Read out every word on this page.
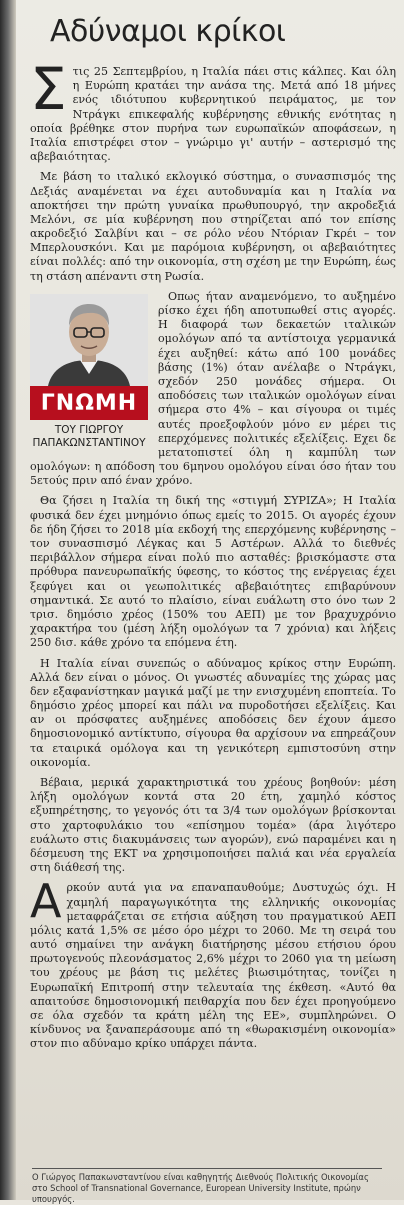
Αδύναμοι κρίκοι

Στις 25 Σεπτεμβρίου, η Ιταλία πάει στις κάλπες. Και όλη η Ευρώπη κρατάει την ανάσα της. Μετά από 18 μήνες ενός ιδιότυπου κυβερνητικού πειράματος, με τον Ντράγκι επικεφαλής κυβέρνησης εθνικής ενότητας η οποία βρέθηκε στον πυρήνα των ευρωπαϊκών αποφάσεων, η Ιταλία επιστρέφει στον – γνώριμο γι' αυτήν – αστερισμό της αβεβαιότητας.

Με βάση το ιταλικό εκλογικό σύστημα, ο συνασπισμός της Δεξιάς αναμένεται να έχει αυτοδυναμία και η Ιταλία να αποκτήσει την πρώτη γυναίκα πρωθυπουργό, την ακροδεξιά Μελόνι, σε μία κυβέρνηση που στηρίζεται από τον επίσης ακροδεξιό Σαλβίνι και – σε ρόλο νέου Ντόριαν Γκρέι – τον Μπερλουσκόνι. Και με παρόμοια κυβέρνηση, οι αβεβαιότητες είναι πολλές: από την οικονομία, στη σχέση με την Ευρώπη, έως τη στάση απέναντι στη Ρωσία.

ΓΝΩΜΗ
ΤΟΥ ΓΙΩΡΓΟΥ
ΠΑΠΑΚΩΝΣΤΑΝΤΙΝΟΥ

Οπως ήταν αναμενόμενο, το αυξημένο ρίσκο έχει ήδη αποτυπωθεί στις αγορές. Η διαφορά των δεκαετών ιταλικών ομολόγων από τα αντίστοιχα γερμανικά έχει αυξηθεί: κάτω από 100 μονάδες βάσης (1%) όταν ανέλαβε ο Ντράγκι, σχεδόν 250 μονάδες σήμερα. Οι αποδόσεις των ιταλικών ομολόγων είναι σήμερα στο 4% – και σίγουρα οι τιμές αυτές προεξοφλούν μόνο εν μέρει τις επερχόμενες πολιτικές εξελίξεις. Εχει δε μετατοπιστεί όλη η καμπύλη των ομολόγων: η απόδοση του 6μηνου ομολόγου είναι όσο ήταν του 5ετούς πριν από έναν χρόνο.

Θα ζήσει η Ιταλία τη δική της «στιγμή ΣΥΡΙΖΑ»; Η Ιταλία φυσικά δεν έχει μνημόνιο όπως εμείς το 2015. Οι αγορές έχουν δε ήδη ζήσει το 2018 μία εκδοχή της επερχόμενης κυβέρνησης – τον συνασπισμό Λέγκας και 5 Αστέρων. Αλλά το διεθνές περιβάλλον σήμερα είναι πολύ πιο ασταθές: βρισκόμαστε στα πρόθυρα πανευρωπαϊκής ύφεσης, το κόστος της ενέργειας έχει ξεφύγει και οι γεωπολιτικές αβεβαιότητες επιβαρύνουν σημαντικά. Σε αυτό το πλαίσιο, είναι ευάλωτη στο όνο των 2 τρισ. δημόσιο χρέος (150% του ΑΕΠ) με τον βραχυχρόνιο χαρακτήρα του (μέση λήξη ομολόγων τα 7 χρόνια) και λήξεις 250 δισ. κάθε χρόνο τα επόμενα έτη.

Η Ιταλία είναι συνεπώς ο αδύναμος κρίκος στην Ευρώπη. Αλλά δεν είναι ο μόνος. Οι γνωστές αδυναμίες της χώρας μας δεν εξαφανίστηκαν μαγικά μαζί με την ενισχυμένη εποπτεία. Το δημόσιο χρέος μπορεί και πάλι να πυροδοτήσει εξελίξεις. Και αν οι πρόσφατες αυξημένες αποδόσεις δεν έχουν άμεσο δημοσιονομικό αντίκτυπο, σίγουρα θα αρχίσουν να επηρεάζουν τα εταιρικά ομόλογα και τη γενικότερη εμπιστοσύνη στην οικονομία.

Βέβαια, μερικά χαρακτηριστικά του χρέους βοηθούν: μέση λήξη ομολόγων κοντά στα 20 έτη, χαμηλό κόστος εξυπηρέτησης, το γεγονός ότι τα 3/4 των ομολόγων βρίσκονται στο χαρτοφυλάκιο του «επίσημου τομέα» (άρα λιγότερο ευάλωτο στις διακυμάνσεις των αγορών), ενώ παραμένει και η δέσμευση της ΕΚΤ να χρησιμοποιήσει παλιά και νέα εργαλεία στη διάθεσή της.

Αρκούν αυτά για να επαναπαυθούμε; Δυστυχώς όχι. Η χαμηλή παραγωγικότητα της ελληνικής οικονομίας μεταφράζεται σε ετήσια αύξηση του πραγματικού ΑΕΠ μόλις κατά 1,5% σε μέσο όρο μέχρι το 2060. Με τη σειρά του αυτό σημαίνει την ανάγκη διατήρησης μέσου ετήσιου όρου πρωτογενούς πλεονάσματος 2,6% μέχρι το 2060 για τη μείωση του χρέους με βάση τις μελέτες βιωσιμότητας, τονίζει η Ευρωπαϊκή Επιτροπή στην τελευταία της έκθεση. «Αυτό θα απαιτούσε δημοσιονομική πειθαρχία που δεν έχει προηγούμενο σε όλα σχεδόν τα κράτη μέλη της ΕΕ», συμπληρώνει. Ο κίνδυνος να ξαναπεράσουμε από τη «θωρακισμένη οικονομία» στον πιο αδύναμο κρίκο υπάρχει πάντα.

Ο Γιώργος Παπακωνσταντίνου είναι καθηγητής Διεθνούς Πολιτικής Οικονομίας στο School of Transnational Governance, European University Institute, πρώην υπουργός.
